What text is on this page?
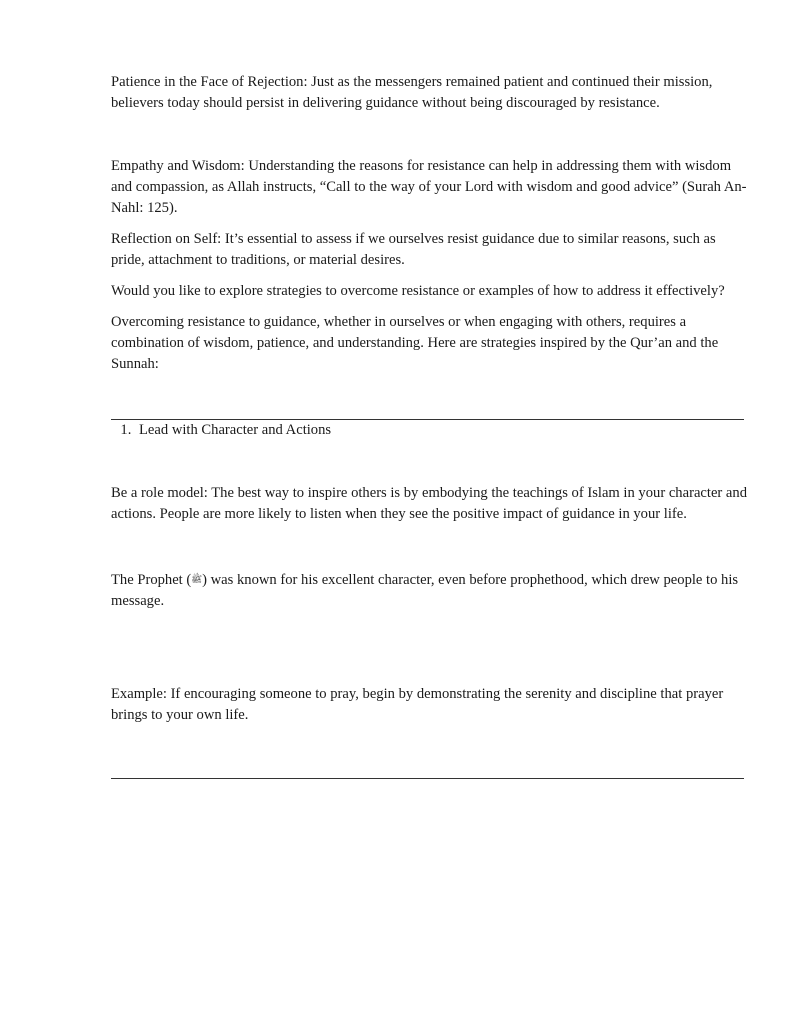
Patience in the Face of Rejection: Just as the messengers remained patient and continued their mission, believers today should persist in delivering guidance without being discouraged by resistance.

Empathy and Wisdom: Understanding the reasons for resistance can help in addressing them with wisdom and compassion, as Allah instructs, “Call to the way of your Lord with wisdom and good advice” (Surah An-Nahl: 125).

Reflection on Self: It’s essential to assess if we ourselves resist guidance due to similar reasons, such as pride, attachment to traditions, or material desires.

Would you like to explore strategies to overcome resistance or examples of how to address it effectively?

Overcoming resistance to guidance, whether in ourselves or when engaging with others, requires a combination of wisdom, patience, and understanding. Here are strategies inspired by the Qur’an and the Sunnah:

1. Lead with Character and Actions

Be a role model: The best way to inspire others is by embodying the teachings of Islam in your character and actions. People are more likely to listen when they see the positive impact of guidance in your life.

The Prophet (ﷺ) was known for his excellent character, even before prophethood, which drew people to his message.

Example: If encouraging someone to pray, begin by demonstrating the serenity and discipline that prayer brings to your own life.
